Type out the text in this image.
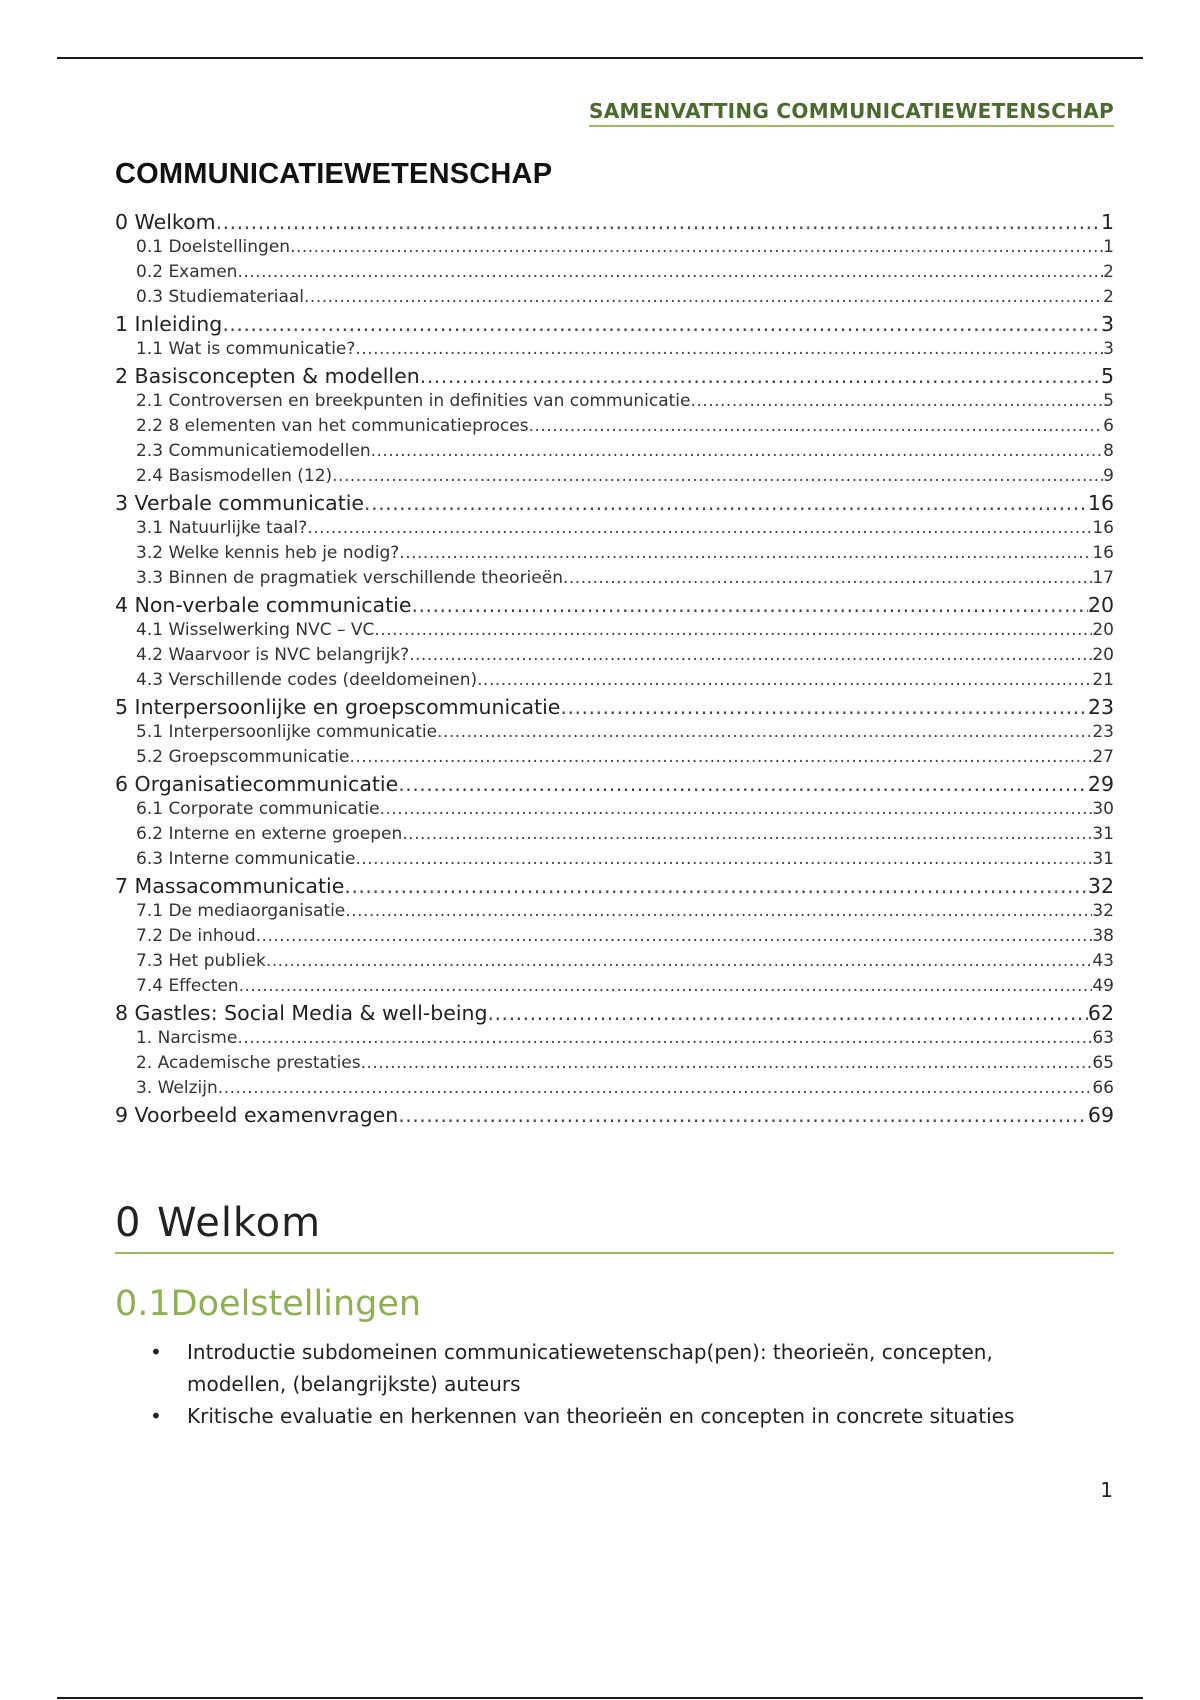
SAMENVATTING COMMUNICATIEWETENSCHAP
COMMUNICATIEWETENSCHAP
0 Welkom .....	1
0.1 Doelstellingen .....	1
0.2 Examen .....	2
0.3 Studiemateriaal .....	2
1 Inleiding .....	3
1.1 Wat is communicatie? .....	3
2 Basisconcepten & modellen .....	5
2.1 Controversen en breekpunten in definities van communicatie .....	5
2.2 8 elementen van het communicatieproces .....	6
2.3 Communicatiemodellen .....	8
2.4 Basismodellen (12) .....	9
3 Verbale communicatie .....	16
3.1 Natuurlijke taal? .....	16
3.2 Welke kennis heb je nodig? .....	16
3.3 Binnen de pragmatiek verschillende theorieën .....	17
4 Non-verbale communicatie .....	20
4.1 Wisselwerking NVC – VC .....	20
4.2 Waarvoor is NVC belangrijk? .....	20
4.3 Verschillende codes (deeldomeinen) .....	21
5 Interpersoonlijke en groepscommunicatie .....	23
5.1 Interpersoonlijke communicatie .....	23
5.2 Groepscommunicatie .....	27
6 Organisatiecommunicatie .....	29
6.1 Corporate communicatie .....	30
6.2 Interne en externe groepen .....	31
6.3 Interne communicatie .....	31
7 Massacommunicatie .....	32
7.1 De mediaorganisatie .....	32
7.2 De inhoud .....	38
7.3 Het publiek .....	43
7.4 Effecten .....	49
8 Gastles: Social Media & well-being .....	62
1. Narcisme .....	63
2. Academische prestaties .....	65
3. Welzijn .....	66
9 Voorbeeld examenvragen .....	69
0 Welkom
0.1Doelstellingen
• Introductie subdomeinen communicatiewetenschap(pen): theorieën, concepten, modellen, (belangrijkste) auteurs
• Kritische evaluatie en herkennen van theorieën en concepten in concrete situaties
1
